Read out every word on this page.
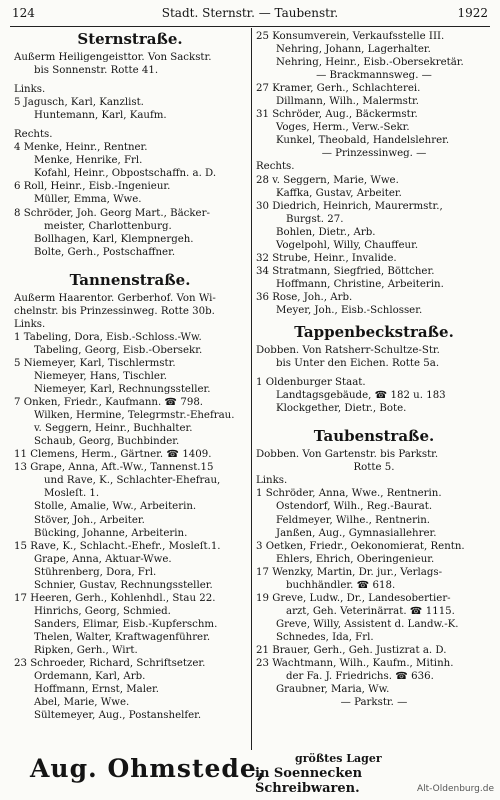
124	Stadt. Sternstr. — Taubenstr.	1922
Sternstraße.
Außerm Heiligengeisttor. Von Sackstr.
bis Sonnenstr. Rotte 41.
Links.
5 Jagusch, Karl, Kanzlist.
Huntemann, Karl, Kaufm.
Rechts.
4 Menke, Heinr., Rentner.
Menke, Henrike, Frl.
Kofahl, Heinr., Obpostschaffn. a. D.
6 Roll, Heinr., Eisb.-Ingenieur.
Müller, Emma, Wwe.
8 Schröder, Joh. Georg Mart., Bäcker-
meister, Charlottenburg.
Bollhagen, Karl, Klempnergeh.
Bolte, Gerh., Postschaffner.
Tannenstraße.
Außerm Haarentor. Gerberhof. Von Wi-
chelnstr. bis Prinzessinweg. Rotte 30b.
Links.
1 Tabeling, Dora, Eisb.-Schloss.-Ww.
Tabeling, Georg, Eisb.-Obersekr.
5 Niemeyer, Karl, Tischlermstr.
Niemeyer, Hans, Tischler.
Niemeyer, Karl, Rechnungssteller.
7 Onken, Friedr., Kaufmann. ☎ 798.
Wilken, Hermine, Telegrmstr.-Ehefrau.
v. Seggern, Heinr., Buchhalter.
Schaub, Georg, Buchbinder.
11 Clemens, Herm., Gärtner. ☎ 1409.
13 Grape, Anna, Aft.-Ww., Tannenst.15
und Rave, K., Schlachter-Ehefrau,
Mosleſt. 1.
Stolle, Amalie, Ww., Arbeiterin.
Stöver, Joh., Arbeiter.
Bücking, Johanne, Arbeiterin.
15 Rave, K., Schlacht.-Ehefr., Mosleſt.1.
Grape, Anna, Aktuar-Wwe.
Stührenberg, Dora, Frl.
Schnier, Gustav, Rechnungssteller.
17 Heeren, Gerh., Kohlenhdl., Stau 22.
Hinrichs, Georg, Schmied.
Sanders, Elimar, Eisb.-Kupferschm.
Thelen, Walter, Kraftwagenführer.
Ripken, Gerh., Wirt.
23 Schroeder, Richard, Schriftsetzer.
Ordemann, Karl, Arb.
Hoffmann, Ernst, Maler.
Abel, Marie, Wwe.
Sültemeyer, Aug., Postanshelfer.
25 Konsumverein, Verkaufsstelle III.
Nehring, Johann, Lagerhalter.
Nehring, Heinr., Eisb.-Obersekretär.
— Brackmannsweg. —
27 Kramer, Gerh., Schlachterei.
Dillmann, Wilh., Malermstr.
31 Schröder, Aug., Bäckermstr.
Voges, Herm., Verw.-Sekr.
Kunkel, Theobald, Handelslehrer.
— Prinzessinweg. —
Rechts.
28 v. Seggern, Marie, Wwe.
Kaffka, Gustav, Arbeiter.
30 Diedrich, Heinrich, Maurermstr.,
Burgst. 27.
Bohlen, Dietr., Arb.
Vogelpohl, Willy, Chauffeur.
32 Strube, Heinr., Invalide.
34 Stratmann, Siegfried, Böttcher.
Hoffmann, Christine, Arbeiterin.
36 Rose, Joh., Arb.
Meyer, Joh., Eisb.-Schlosser.
Tappenbeckstraße.
Dobben. Von Ratsherr-Schultze-Str.
bis Unter den Eichen. Rotte 5a.
1 Oldenburger Staat.
Landtagsgebäude, ☎ 182 u. 183
Klockgether, Dietr., Bote.
Taubenstraße.
Dobben. Von Gartenstr. bis Parkstr.
Rotte 5.
Links.
1 Schröder, Anna, Wwe., Rentnerin.
Ostendorf, Wilh., Reg.-Baurat.
Feldmeyer, Wilhe., Rentnerin.
Janßen, Aug., Gymnasiallehrer.
3 Oetken, Friedr., Oekonomierat, Rentn.
Ehlers, Ehrich, Oberingenieur.
17 Wenzky, Martin, Dr. jur., Verlags-
buchhändler. ☎ 618.
19 Greve, Ludw., Dr., Landesobertier-
arzt, Geh. Veterinärrat. ☎ 1115.
Greve, Willy, Assistent d. Landw.-K.
Schnedes, Ida, Frl.
21 Brauer, Gerh., Geh. Justizrat a. D.
23 Wachtmann, Wilh., Kaufm., Mitinh.
der Fa. J. Friedrichs. ☎ 636.
Graubner, Maria, Ww.
— Parkstr. —
Aug. Ohmstede,	größtes Lager
in Soennecken Schreibwaren.	Alt-Oldenburg.de
